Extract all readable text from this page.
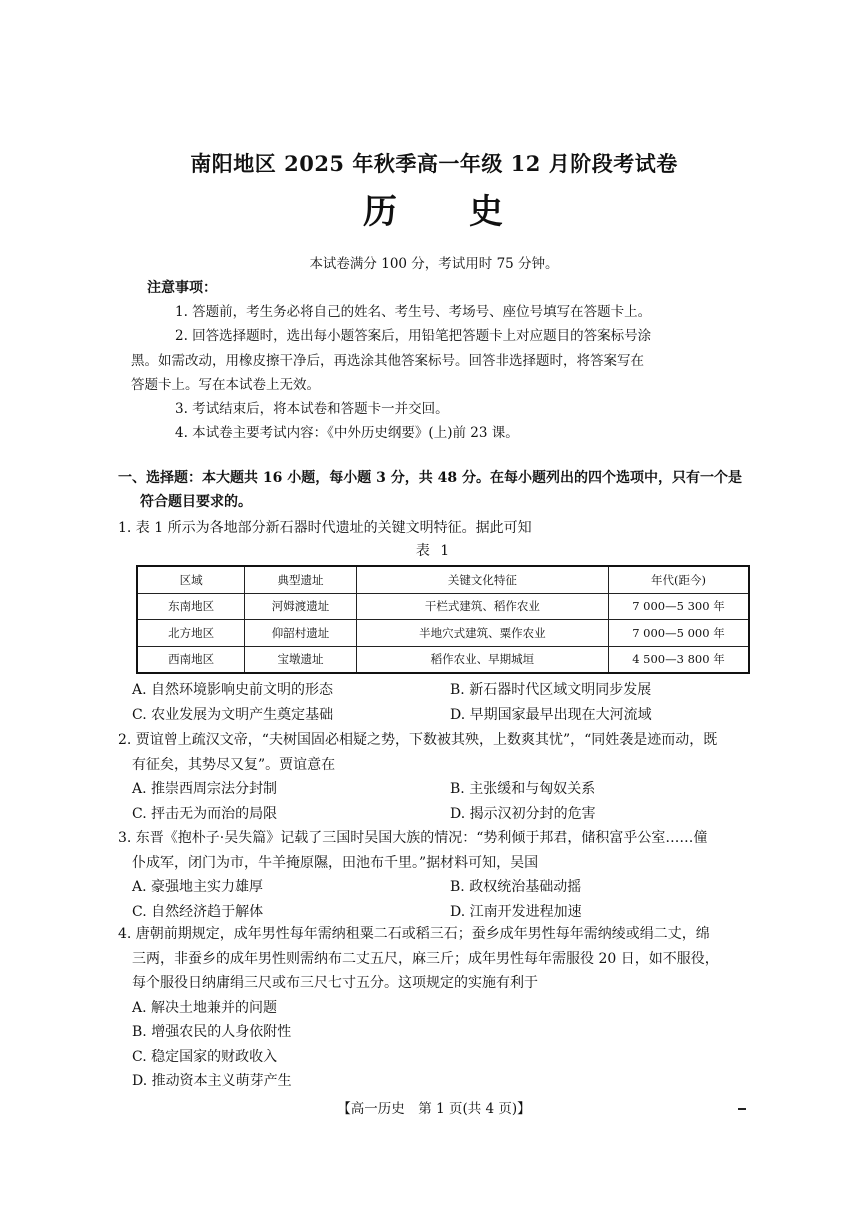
南阳地区 2025 年秋季高一年级 12 月阶段考试卷
历 史
本试卷满分 100 分，考试用时 75 分钟。
注意事项：
1. 答题前，考生务必将自己的姓名、考生号、考场号、座位号填写在答题卡上。
2. 回答选择题时，选出每小题答案后，用铅笔把答题卡上对应题目的答案标号涂
黑。如需改动，用橡皮擦干净后，再选涂其他答案标号。回答非选择题时，将答案写在
答题卡上。写在本试卷上无效。
3. 考试结束后，将本试卷和答题卡一并交回。
4. 本试卷主要考试内容：《中外历史纲要》(上)前 23 课。
一、选择题：本大题共 16 小题，每小题 3 分，共 48 分。在每小题列出的四个选项中，只有一个是
符合题目要求的。
1. 表 1 所示为各地部分新石器时代遗址的关键文明特征。据此可知
表 1
区域	典型遗址	关键文化特征	年代(距今)
东南地区	河姆渡遗址	干栏式建筑、稻作农业	7 000—5 300 年
北方地区	仰韶村遗址	半地穴式建筑、粟作农业	7 000—5 000 年
西南地区	宝墩遗址	稻作农业、早期城垣	4 500—3 800 年
A. 自然环境影响史前文明的形态	B. 新石器时代区域文明同步发展
C. 农业发展为文明产生奠定基础	D. 早期国家最早出现在大河流域
2. 贾谊曾上疏汉文帝，“夫树国固必相疑之势，下数被其殃，上数爽其忧”，“同姓袭是迹而动，既
有征矣，其势尽又复”。贾谊意在
A. 推崇西周宗法分封制	B. 主张缓和与匈奴关系
C. 抨击无为而治的局限	D. 揭示汉初分封的危害
3. 东晋《抱朴子·吴失篇》记载了三国时吴国大族的情况：“势利倾于邦君，储积富乎公室……僮
仆成军，闭门为市，牛羊掩原隰，田池布千里。”据材料可知，吴国
A. 豪强地主实力雄厚	B. 政权统治基础动摇
C. 自然经济趋于解体	D. 江南开发进程加速
4. 唐朝前期规定，成年男性每年需纳租粟二石或稻三石；蚕乡成年男性每年需纳绫或绢二丈，绵
三两，非蚕乡的成年男性则需纳布二丈五尺，麻三斤；成年男性每年需服役 20 日，如不服役，
每个服役日纳庸绢三尺或布三尺七寸五分。这项规定的实施有利于
A. 解决土地兼并的问题
B. 增强农民的人身依附性
C. 稳定国家的财政收入
D. 推动资本主义萌芽产生
【高一历史　第 1 页(共 4 页)】
